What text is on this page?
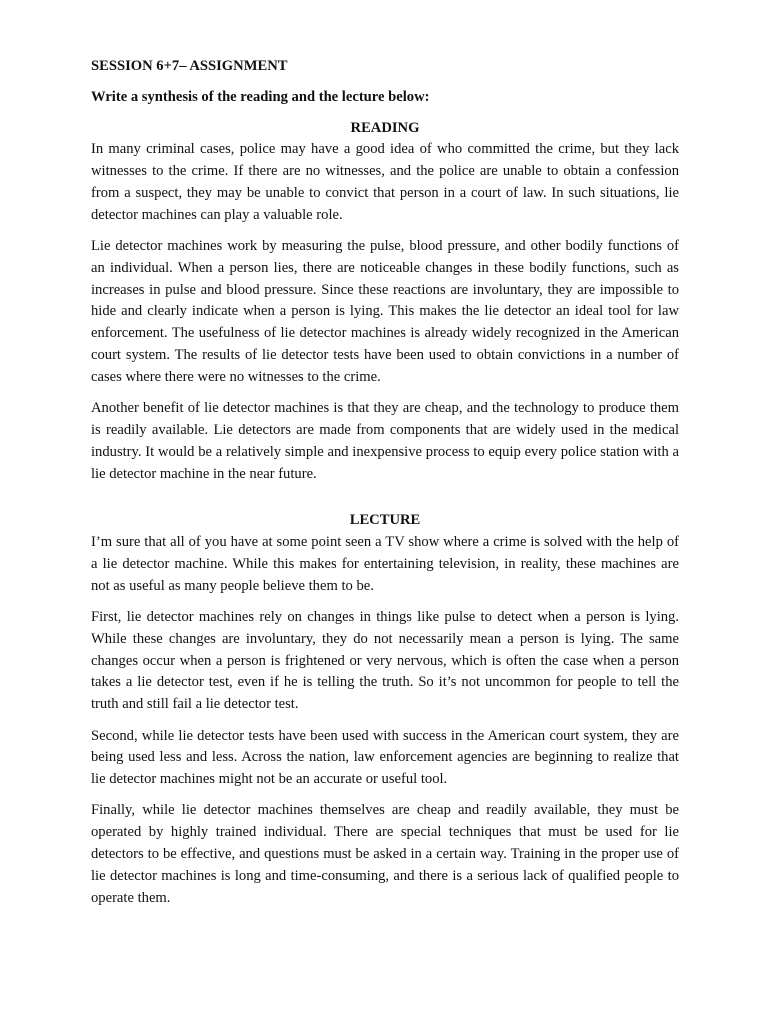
SESSION 6+7– ASSIGNMENT
Write a synthesis of the reading and the lecture below:
READING

In many criminal cases, police may have a good idea of who committed the crime, but they lack witnesses to the crime. If there are no witnesses, and the police are unable to obtain a confession from a suspect, they may be unable to convict that person in a court of law. In such situations, lie detector machines can play a valuable role.

Lie detector machines work by measuring the pulse, blood pressure, and other bodily functions of an individual. When a person lies, there are noticeable changes in these bodily functions, such as increases in pulse and blood pressure. Since these reactions are involuntary, they are impossible to hide and clearly indicate when a person is lying. This makes the lie detector an ideal tool for law enforcement. The usefulness of lie detector machines is already widely recognized in the American court system. The results of lie detector tests have been used to obtain convictions in a number of cases where there were no witnesses to the crime.

Another benefit of lie detector machines is that they are cheap, and the technology to produce them is readily available. Lie detectors are made from components that are widely used in the medical industry. It would be a relatively simple and inexpensive process to equip every police station with a lie detector machine in the near future.

LECTURE

I’m sure that all of you have at some point seen a TV show where a crime is solved with the help of a lie detector machine. While this makes for entertaining television, in reality, these machines are not as useful as many people believe them to be.

First, lie detector machines rely on changes in things like pulse to detect when a person is lying. While these changes are involuntary, they do not necessarily mean a person is lying. The same changes occur when a person is frightened or very nervous, which is often the case when a person takes a lie detector test, even if he is telling the truth. So it’s not uncommon for people to tell the truth and still fail a lie detector test.

Second, while lie detector tests have been used with success in the American court system, they are being used less and less. Across the nation, law enforcement agencies are beginning to realize that lie detector machines might not be an accurate or useful tool.

Finally, while lie detector machines themselves are cheap and readily available, they must be operated by highly trained individual. There are special techniques that must be used for lie detectors to be effective, and questions must be asked in a certain way. Training in the proper use of lie detector machines is long and time-consuming, and there is a serious lack of qualified people to operate them.
